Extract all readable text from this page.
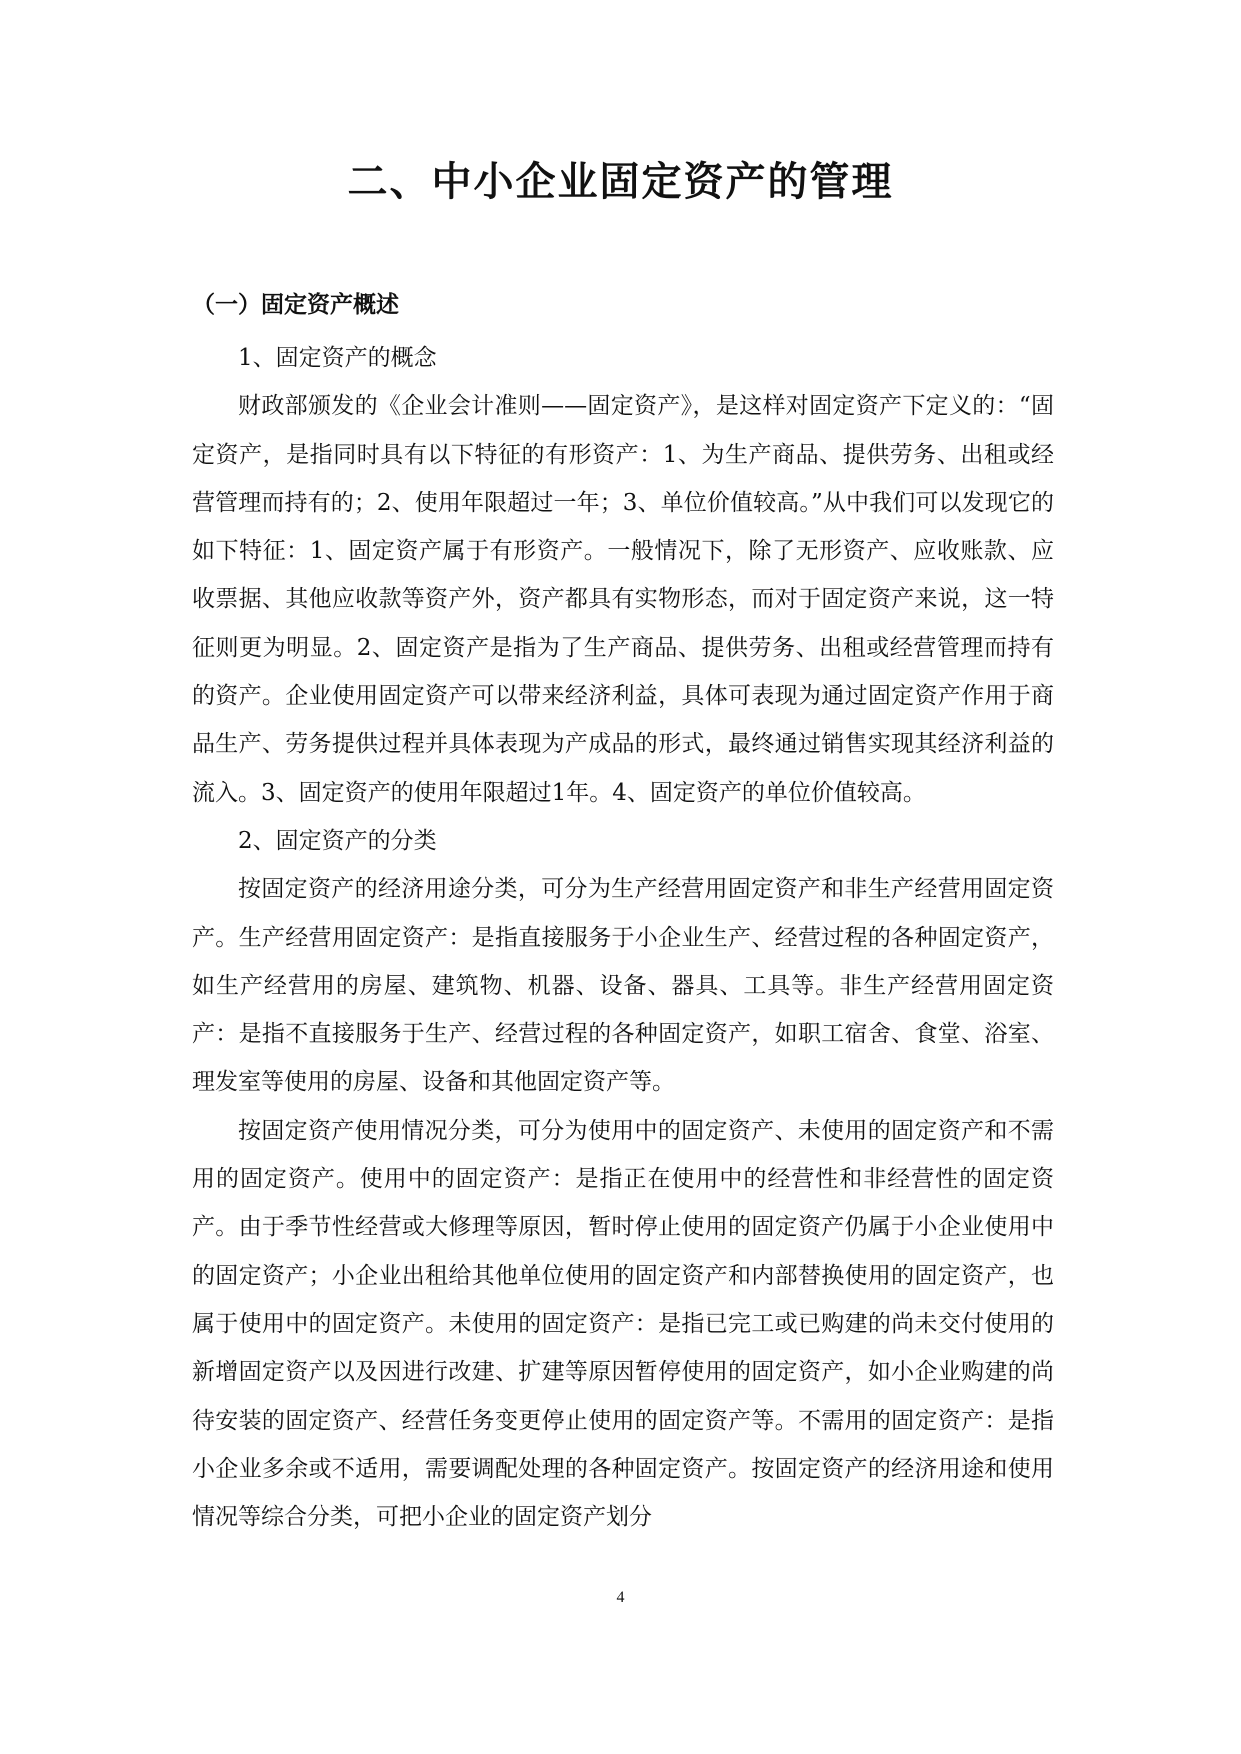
二、中小企业固定资产的管理
（一）固定资产概述

1、固定资产的概念

财政部颁发的《企业会计准则——固定资产》，是这样对固定资产下定义的：“固定资产，是指同时具有以下特征的有形资产：1、为生产商品、提供劳务、出租或经营管理而持有的；2、使用年限超过一年；3、单位价值较高。”从中我们可以发现它的如下特征：1、固定资产属于有形资产。一般情况下，除了无形资产、应收账款、应收票据、其他应收款等资产外，资产都具有实物形态，而对于固定资产来说，这一特征则更为明显。2、固定资产是指为了生产商品、提供劳务、出租或经营管理而持有的资产。企业使用固定资产可以带来经济利益，具体可表现为通过固定资产作用于商品生产、劳务提供过程并具体表现为产成品的形式，最终通过销售实现其经济利益的流入。3、固定资产的使用年限超过1年。4、固定资产的单位价值较高。

2、固定资产的分类

按固定资产的经济用途分类，可分为生产经营用固定资产和非生产经营用固定资产。生产经营用固定资产：是指直接服务于小企业生产、经营过程的各种固定资产，如生产经营用的房屋、建筑物、机器、设备、器具、工具等。非生产经营用固定资产：是指不直接服务于生产、经营过程的各种固定资产，如职工宿舍、食堂、浴室、理发室等使用的房屋、设备和其他固定资产等。

按固定资产使用情况分类，可分为使用中的固定资产、未使用的固定资产和不需用的固定资产。使用中的固定资产：是指正在使用中的经营性和非经营性的固定资产。由于季节性经营或大修理等原因，暂时停止使用的固定资产仍属于小企业使用中的固定资产；小企业出租给其他单位使用的固定资产和内部替换使用的固定资产，也属于使用中的固定资产。未使用的固定资产：是指已完工或已购建的尚未交付使用的新增固定资产以及因进行改建、扩建等原因暂停使用的固定资产，如小企业购建的尚待安装的固定资产、经营任务变更停止使用的固定资产等。不需用的固定资产：是指小企业多余或不适用，需要调配处理的各种固定资产。按固定资产的经济用途和使用情况等综合分类，可把小企业的固定资产划分

4
